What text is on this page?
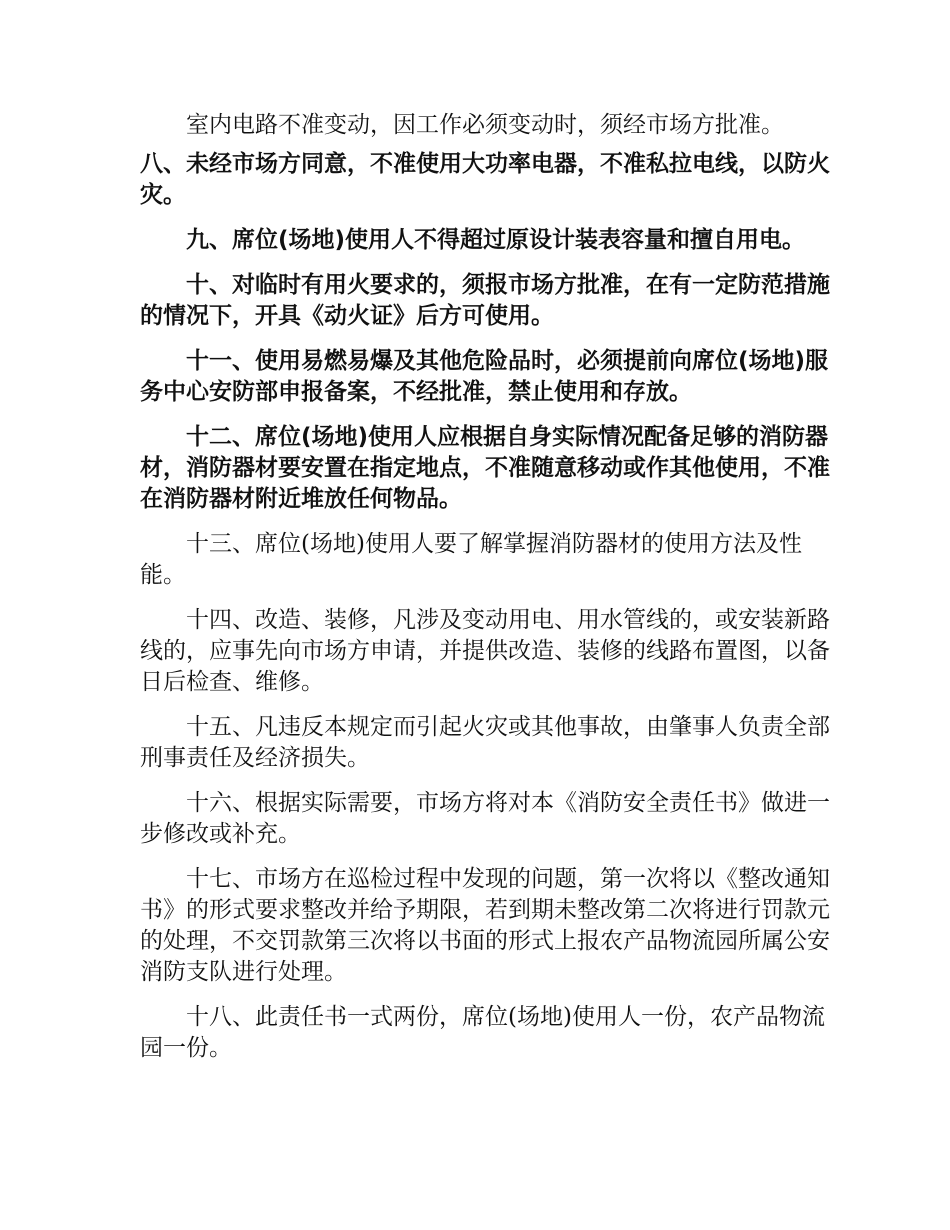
室内电路不准变动，因工作必须变动时，须经市场方批准。

八、未经市场方同意，不准使用大功率电器，不准私拉电线，以防火灾。

九、席位(场地)使用人不得超过原设计装表容量和擅自用电。

十、对临时有用火要求的，须报市场方批准，在有一定防范措施的情况下，开具《动火证》后方可使用。

十一、使用易燃易爆及其他危险品时，必须提前向席位(场地)服务中心安防部申报备案，不经批准，禁止使用和存放。

十二、席位(场地)使用人应根据自身实际情况配备足够的消防器材，消防器材要安置在指定地点，不准随意移动或作其他使用，不准在消防器材附近堆放任何物品。

十三、席位(场地)使用人要了解掌握消防器材的使用方法及性能。

十四、改造、装修，凡涉及变动用电、用水管线的，或安装新路线的，应事先向市场方申请，并提供改造、装修的线路布置图，以备日后检查、维修。

十五、凡违反本规定而引起火灾或其他事故，由肇事人负责全部刑事责任及经济损失。

十六、根据实际需要，市场方将对本《消防安全责任书》做进一步修改或补充。

十七、市场方在巡检过程中发现的问题，第一次将以《整改通知书》的形式要求整改并给予期限，若到期未整改第二次将进行罚款元的处理，不交罚款第三次将以书面的形式上报农产品物流园所属公安消防支队进行处理。

十八、此责任书一式两份，席位(场地)使用人一份，农产品物流园一份。
